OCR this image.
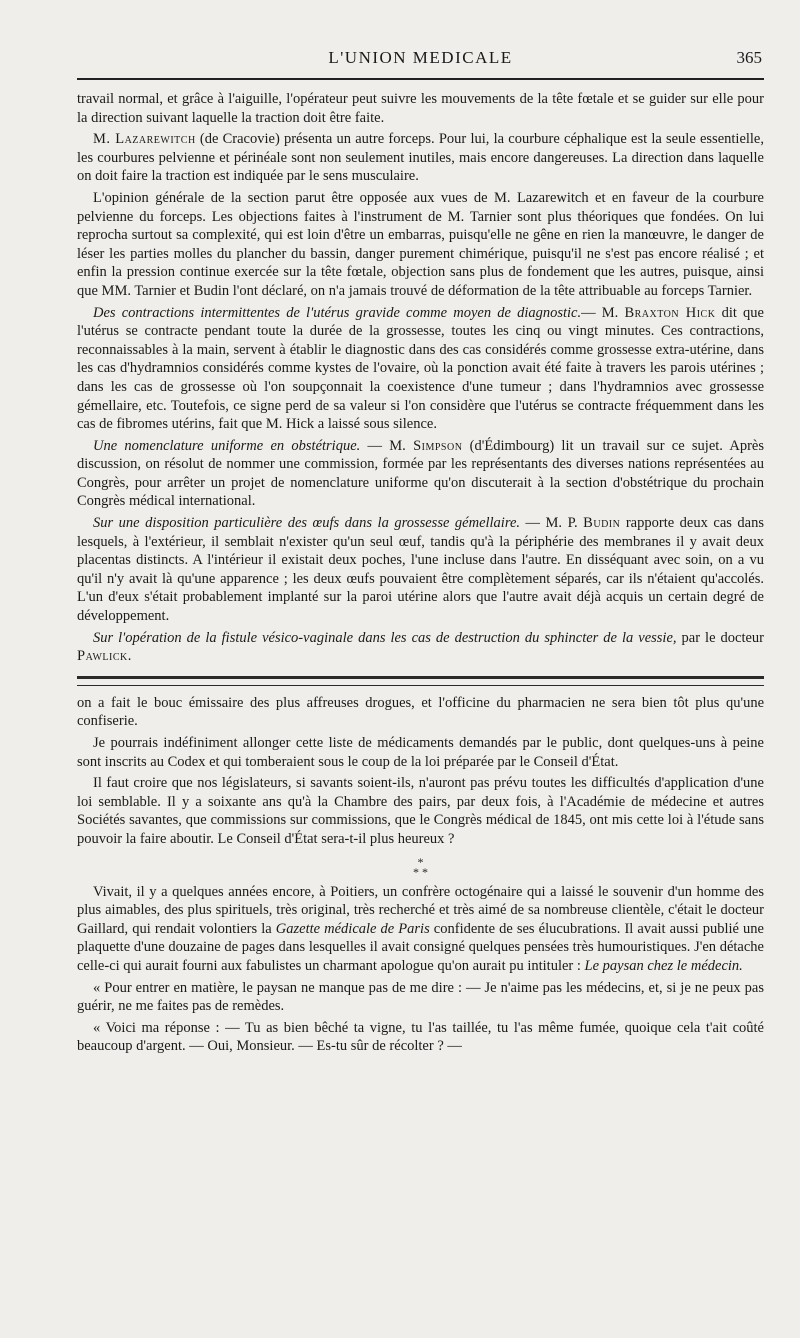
L'UNION MEDICALE	365

travail normal, et grâce à l'aiguille, l'opérateur peut suivre les mouvements de la tête fœtale et se guider sur elle pour la direction suivant laquelle la traction doit être faite.

M. Lazarewitch (de Cracovie) présenta un autre forceps. Pour lui, la courbure céphalique est la seule essentielle, les courbures pelvienne et périnéale sont non seulement inutiles, mais encore dangereuses. La direction dans laquelle on doit faire la traction est indiquée par le sens musculaire.

L'opinion générale de la section parut être opposée aux vues de M. Lazarewitch et en faveur de la courbure pelvienne du forceps. Les objections faites à l'instrument de M. Tarnier sont plus théoriques que fondées. On lui reprocha surtout sa complexité, qui est loin d'être un embarras, puisqu'elle ne gêne en rien la manœuvre, le danger de léser les parties molles du plancher du bassin, danger purement chimérique, puisqu'il ne s'est pas encore réalisé ; et enfin la pression continue exercée sur la tête fœtale, objection sans plus de fondement que les autres, puisque, ainsi que MM. Tarnier et Budin l'ont déclaré, on n'a jamais trouvé de déformation de la tête attribuable au forceps Tarnier.

Des contractions intermittentes de l'utérus gravide comme moyen de diagnostic.— M. Braxton Hick dit que l'utérus se contracte pendant toute la durée de la grossesse, toutes les cinq ou vingt minutes. Ces contractions, reconnaissables à la main, servent à établir le diagnostic dans des cas considérés comme grossesse extra-utérine, dans les cas d'hydramnios considérés comme kystes de l'ovaire, où la ponction avait été faite à travers les parois utérines ; dans les cas de grossesse où l'on soupçonnait la coexistence d'une tumeur ; dans l'hydramnios avec grossesse gémellaire, etc. Toutefois, ce signe perd de sa valeur si l'on considère que l'utérus se contracte fréquemment dans les cas de fibromes utérins, fait que M. Hick a laissé sous silence.

Une nomenclature uniforme en obstétrique. — M. Simpson (d'Édimbourg) lit un travail sur ce sujet. Après discussion, on résolut de nommer une commission, formée par les représentants des diverses nations représentées au Congrès, pour arrêter un projet de nomenclature uniforme qu'on discuterait à la section d'obstétrique du prochain Congrès médical international.

Sur une disposition particulière des œufs dans la grossesse gémellaire. — M. P. Budin rapporte deux cas dans lesquels, à l'extérieur, il semblait n'exister qu'un seul œuf, tandis qu'à la périphérie des membranes il y avait deux placentas distincts. A l'intérieur il existait deux poches, l'une incluse dans l'autre. En disséquant avec soin, on a vu qu'il n'y avait là qu'une apparence ; les deux œufs pouvaient être complètement séparés, car ils n'étaient qu'accolés. L'un d'eux s'était probablement implanté sur la paroi utérine alors que l'autre avait déjà acquis un certain degré de développement.

Sur l'opération de la fistule vésico-vaginale dans les cas de destruction du sphincter de la vessie, par le docteur Pawlick.

on a fait le bouc émissaire des plus affreuses drogues, et l'officine du pharmacien ne sera bien tôt plus qu'une confiserie.

Je pourrais indéfiniment allonger cette liste de médicaments demandés par le public, dont quelques-uns à peine sont inscrits au Codex et qui tomberaient sous le coup de la loi préparée par le Conseil d'État.

Il faut croire que nos législateurs, si savants soient-ils, n'auront pas prévu toutes les difficultés d'application d'une loi semblable. Il y a soixante ans qu'à la Chambre des pairs, par deux fois, à l'Académie de médecine et autres Sociétés savantes, que commissions sur commissions, que le Congrès médical de 1845, ont mis cette loi à l'étude sans pouvoir la faire aboutir. Le Conseil d'État sera-t-il plus heureux ?

*
* *

Vivait, il y a quelques années encore, à Poitiers, un confrère octogénaire qui a laissé le souvenir d'un homme des plus aimables, des plus spirituels, très original, très recherché et très aimé de sa nombreuse clientèle, c'était le docteur Gaillard, qui rendait volontiers la Gazette médicale de Paris confidente de ses élucubrations. Il avait aussi publié une plaquette d'une douzaine de pages dans lesquelles il avait consigné quelques pensées très humouristiques. J'en détache celle-ci qui aurait fourni aux fabulistes un charmant apologue qu'on aurait pu intituler : Le paysan chez le médecin.

« Pour entrer en matière, le paysan ne manque pas de me dire : — Je n'aime pas les médecins, et, si je ne peux pas guérir, ne me faites pas de remèdes.

« Voici ma réponse : — Tu as bien bêché ta vigne, tu l'as taillée, tu l'as même fumée, quoique cela t'ait coûté beaucoup d'argent. — Oui, Monsieur. — Es-tu sûr de récolter ? —
